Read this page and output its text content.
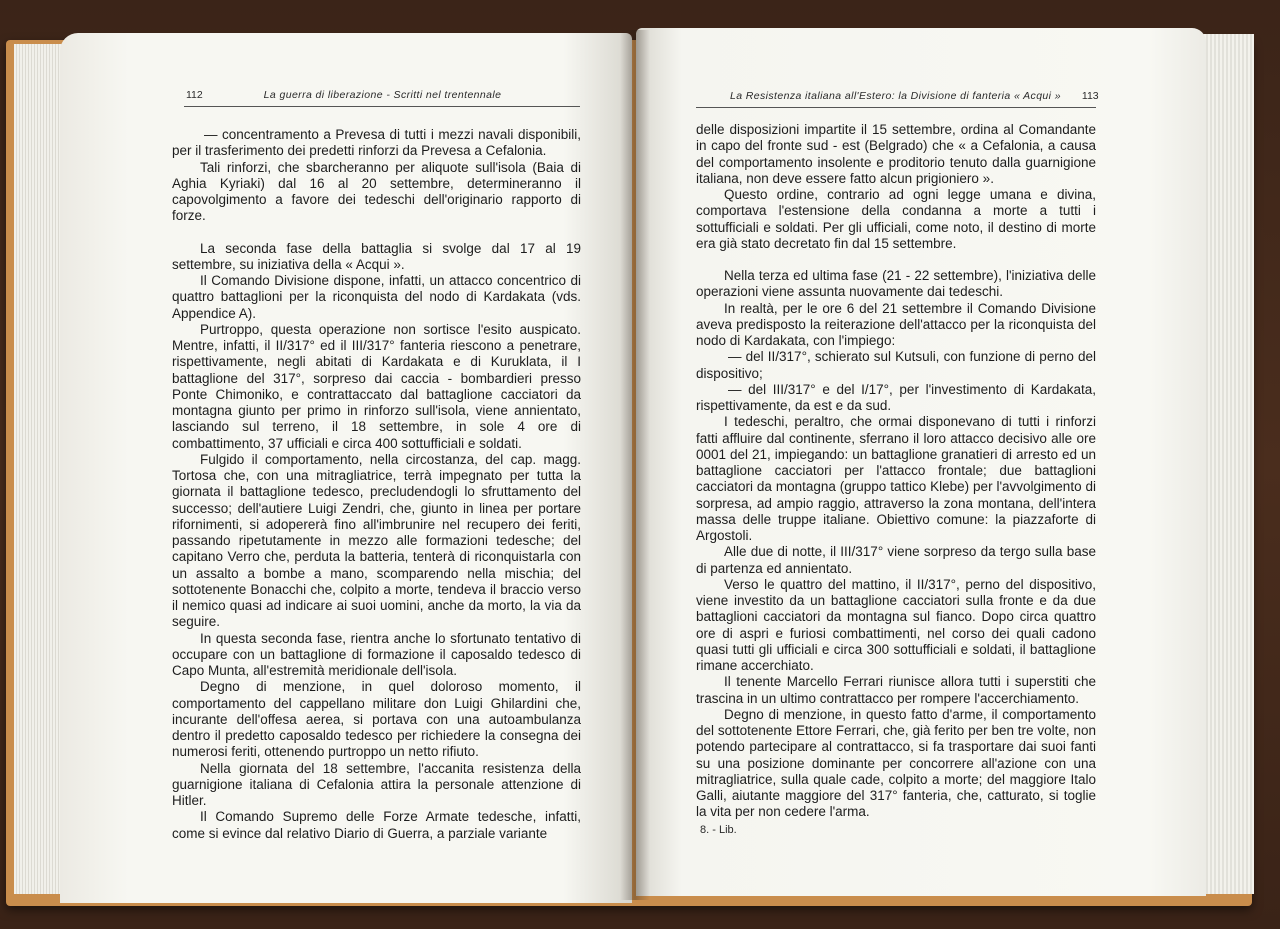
112	La guerra di liberazione - Scritti nel trentennale

— concentramento a Prevesa di tutti i mezzi navali disponibili, per il trasferimento dei predetti rinforzi da Prevesa a Cefalonia.

Tali rinforzi, che sbarcheranno per aliquote sull'isola (Baia di Aghia Kyriaki) dal 16 al 20 settembre, determineranno il capovolgimento a favore dei tedeschi dell'originario rapporto di forze.

La seconda fase della battaglia si svolge dal 17 al 19 settembre, su iniziativa della « Acqui ».

Il Comando Divisione dispone, infatti, un attacco concentrico di quattro battaglioni per la riconquista del nodo di Kardakata (vds. Appendice A).

Purtroppo, questa operazione non sortisce l'esito auspicato. Mentre, infatti, il II/317° ed il III/317° fanteria riescono a penetrare, rispettivamente, negli abitati di Kardakata e di Kuruklata, il I battaglione del 317°, sorpreso dai caccia - bombardieri presso Ponte Chimoniko, e contrattaccato dal battaglione cacciatori da montagna giunto per primo in rinforzo sull'isola, viene annientato, lasciando sul terreno, il 18 settembre, in sole 4 ore di combattimento, 37 ufficiali e circa 400 sottufficiali e soldati.

Fulgido il comportamento, nella circostanza, del cap. magg. Tortosa che, con una mitragliatrice, terrà impegnato per tutta la giornata il battaglione tedesco, precludendogli lo sfruttamento del successo; dell'autiere Luigi Zendri, che, giunto in linea per portare rifornimenti, si adopererà fino all'imbrunire nel recupero dei feriti, passando ripetutamente in mezzo alle formazioni tedesche; del capitano Verro che, perduta la batteria, tenterà di riconquistarla con un assalto a bombe a mano, scomparendo nella mischia; del sottotenente Bonacchi che, colpito a morte, tendeva il braccio verso il nemico quasi ad indicare ai suoi uomini, anche da morto, la via da seguire.

In questa seconda fase, rientra anche lo sfortunato tentativo di occupare con un battaglione di formazione il caposaldo tedesco di Capo Munta, all'estremità meridionale dell'isola.

Degno di menzione, in quel doloroso momento, il comportamento del cappellano militare don Luigi Ghilardini che, incurante dell'offesa aerea, si portava con una autoambulanza dentro il predetto caposaldo tedesco per richiedere la consegna dei numerosi feriti, ottenendo purtroppo un netto rifiuto.

Nella giornata del 18 settembre, l'accanita resistenza della guarnigione italiana di Cefalonia attira la personale attenzione di Hitler.

Il Comando Supremo delle Forze Armate tedesche, infatti, come si evince dal relativo Diario di Guerra, a parziale variante

La Resistenza italiana all'Estero: la Divisione di fanteria « Acqui » 113

delle disposizioni impartite il 15 settembre, ordina al Comandante in capo del fronte sud - est (Belgrado) che « a Cefalonia, a causa del comportamento insolente e proditorio tenuto dalla guarnigione italiana, non deve essere fatto alcun prigioniero ».

Questo ordine, contrario ad ogni legge umana e divina, comportava l'estensione della condanna a morte a tutti i sottufficiali e soldati. Per gli ufficiali, come noto, il destino di morte era già stato decretato fin dal 15 settembre.

Nella terza ed ultima fase (21 - 22 settembre), l'iniziativa delle operazioni viene assunta nuovamente dai tedeschi.

In realtà, per le ore 6 del 21 settembre il Comando Divisione aveva predisposto la reiterazione dell'attacco per la riconquista del nodo di Kardakata, con l'impiego:

— del II/317°, schierato sul Kutsuli, con funzione di perno del dispositivo;

— del III/317° e del I/17°, per l'investimento di Kardakata, rispettivamente, da est e da sud.

I tedeschi, peraltro, che ormai disponevano di tutti i rinforzi fatti affluire dal continente, sferrano il loro attacco decisivo alle ore 0001 del 21, impiegando: un battaglione granatieri di arresto ed un battaglione cacciatori per l'attacco frontale; due battaglioni cacciatori da montagna (gruppo tattico Klebe) per l'avvolgimento di sorpresa, ad ampio raggio, attraverso la zona montana, dell'intera massa delle truppe italiane. Obiettivo comune: la piazzaforte di Argostoli.

Alle due di notte, il III/317° viene sorpreso da tergo sulla base di partenza ed annientato.

Verso le quattro del mattino, il II/317°, perno del dispositivo, viene investito da un battaglione cacciatori sulla fronte e da due battaglioni cacciatori da montagna sul fianco. Dopo circa quattro ore di aspri e furiosi combattimenti, nel corso dei quali cadono quasi tutti gli ufficiali e circa 300 sottufficiali e soldati, il battaglione rimane accerchiato.

Il tenente Marcello Ferrari riunisce allora tutti i superstiti che trascina in un ultimo contrattacco per rompere l'accerchiamento.

Degno di menzione, in questo fatto d'arme, il comportamento del sottotenente Ettore Ferrari, che, già ferito per ben tre volte, non potendo partecipare al contrattacco, si fa trasportare dai suoi fanti su una posizione dominante per concorrere all'azione con una mitragliatrice, sulla quale cade, colpito a morte; del maggiore Italo Galli, aiutante maggiore del 317° fanteria, che, catturato, si toglie la vita per non cedere l'arma.

8. - Lib.
